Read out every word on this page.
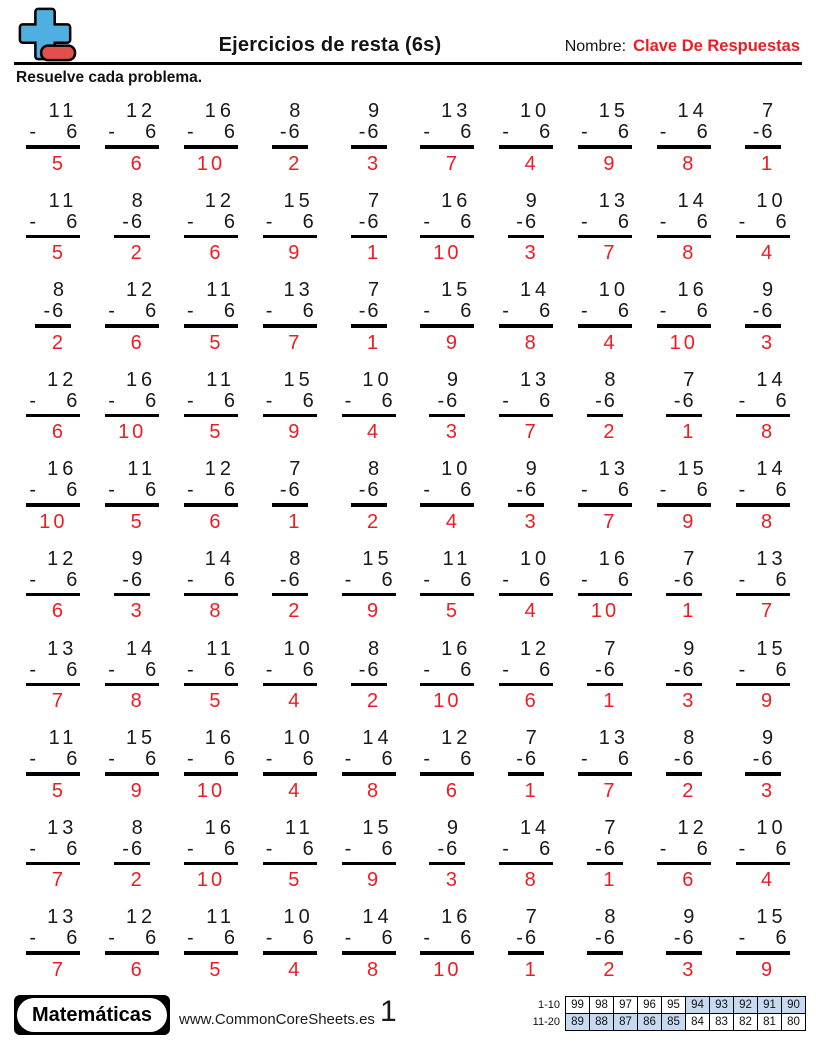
Ejercicios de resta (6s)	Nombre: Clave De Respuestas
Resuelve cada problema.
11
- 6
5
12
- 6
6
16
- 6
10
8
- 6
2
9
- 6
3
13
- 6
7
10
- 6
4
15
- 6
9
14
- 6
8
7
- 6
1
11
- 6
5
8
- 6
2
12
- 6
6
15
- 6
9
7
- 6
1
16
- 6
10
9
- 6
3
13
- 6
7
14
- 6
8
10
- 6
4
8
- 6
2
12
- 6
6
11
- 6
5
13
- 6
7
7
- 6
1
15
- 6
9
14
- 6
8
10
- 6
4
16
- 6
10
9
- 6
3
12
- 6
6
16
- 6
10
11
- 6
5
15
- 6
9
10
- 6
4
9
- 6
3
13
- 6
7
8
- 6
2
7
- 6
1
14
- 6
8
16
- 6
10
11
- 6
5
12
- 6
6
7
- 6
1
8
- 6
2
10
- 6
4
9
- 6
3
13
- 6
7
15
- 6
9
14
- 6
8
12
- 6
6
9
- 6
3
14
- 6
8
8
- 6
2
15
- 6
9
11
- 6
5
10
- 6
4
16
- 6
10
7
- 6
1
13
- 6
7
13
- 6
7
14
- 6
8
11
- 6
5
10
- 6
4
8
- 6
2
16
- 6
10
12
- 6
6
7
- 6
1
9
- 6
3
15
- 6
9
11
- 6
5
15
- 6
9
16
- 6
10
10
- 6
4
14
- 6
8
12
- 6
6
7
- 6
1
13
- 6
7
8
- 6
2
9
- 6
3
13
- 6
7
8
- 6
2
16
- 6
10
11
- 6
5
15
- 6
9
9
- 6
3
14
- 6
8
7
- 6
1
12
- 6
6
10
- 6
4
13
- 6
7
12
- 6
6
11
- 6
5
10
- 6
4
14
- 6
8
16
- 6
10
7
- 6
1
8
- 6
2
9
- 6
3
15
- 6
9
Matemáticas	www.CommonCoreSheets.es 1	1-10	99	98	97	96	95	94	93	92	91	90
11-20	89	88	87	86	85	84	83	82	81	80
